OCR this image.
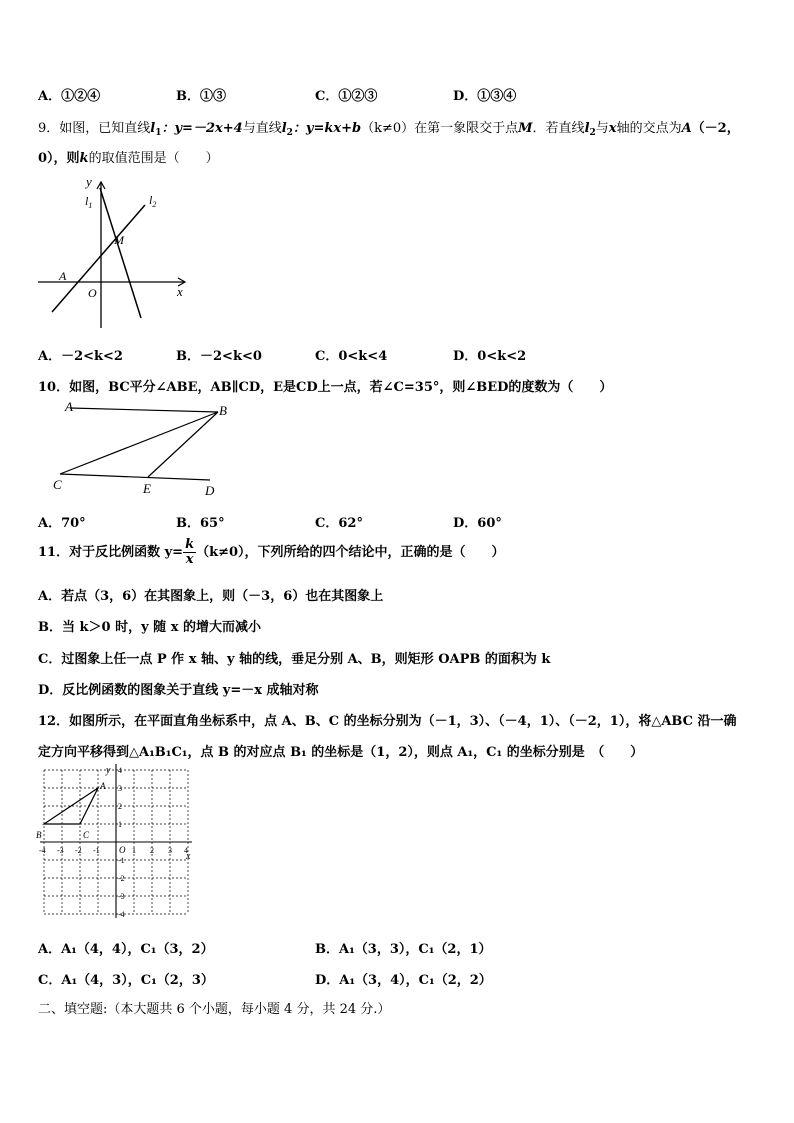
A．①②④	B．①③	C．①②③	D．①③④
9．如图，已知直线$l_1$：y=－2x+4与直线$l_2$：y=kx+b（k≠0）在第一象限交于点M．若直线$l_2$与x轴的交点为A（－2，
0），则k的取值范围是（　　）
y
x
$l_1$	$l_2$
M
A
O
A．－2<k<2	B．－2<k<0	C．0<k<4	D．0<k<2
10．如图，BC平分∠ABE，AB∥CD，E是CD上一点，若∠C=35°，则∠BED的度数为（　　）
A	B
C	E	D
A．70°	B．65°	C．62°	D．60°
11．对于反比例函数 $y= \frac{k}{x} (k\ne 0)$，下列所给的四个结论中，正确的是（　　）
A．若点（3，6）在其图象上，则（－3，6）也在其图象上
B．当 k＞0 时，y 随 x 的增大而减小
C．过图象上任一点 P 作 x 轴、y 轴的线，垂足分别 A、B，则矩形 OAPB 的面积为 k
D．反比例函数的图象关于直线 y=－x 成轴对称
12．如图所示，在平面直角坐标系中，点 A、B、C 的坐标分别为（－1，3）、（－4，1）、（－2，1），将△ABC 沿一确
定方向平移得到△A₁B₁C₁，点 B 的对应点 B₁ 的坐标是（1，2），则点 A₁，C₁ 的坐标分别是　（　　）
y
x
A
B	C
O
-4 -3 -2 -1	1 2 3 4
4
3
2
1
-1
-2
-3
-4
A．A₁（4，4），C₁（3，2）	B．A₁（3，3），C₁（2，1）
C．A₁（4，3），C₁（2，3）	D．A₁（3，4），C₁（2，2）
二、填空题:（本大题共 6 个小题，每小题 4 分，共 24 分.）
